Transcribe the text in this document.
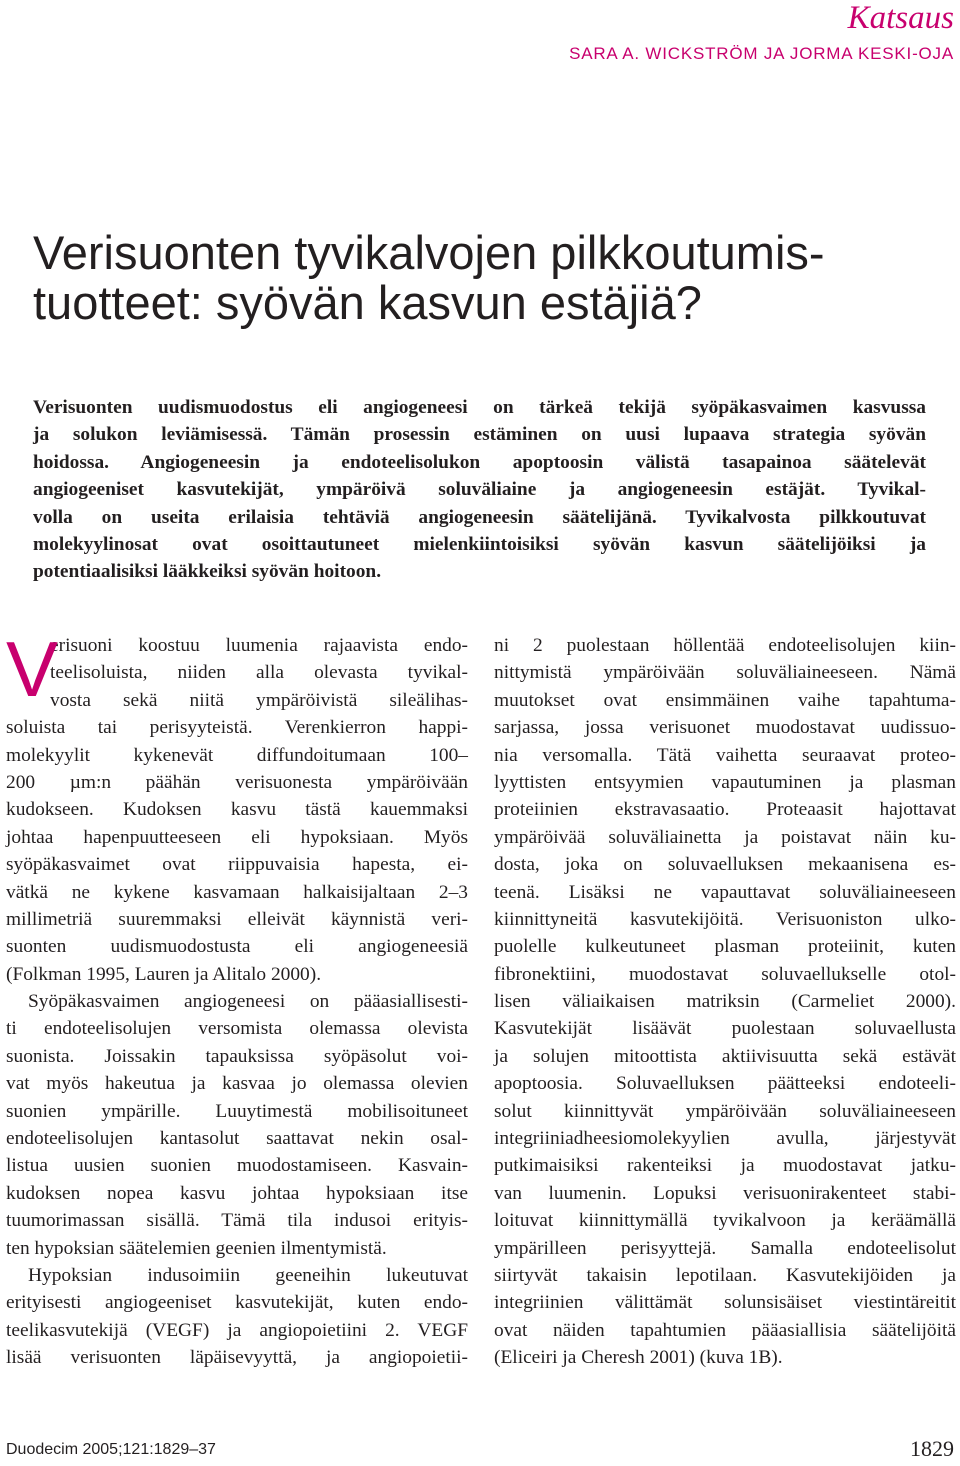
Katsaus
SARA A. WICKSTRÖM JA JORMA KESKI-OJA
Verisuonten tyvikalvojen pilkkoutumis-
tuotteet: syövän kasvun estäjiä?

Verisuonten uudismuodostus eli angiogeneesi on tärkeä tekijä syöpäkasvaimen kasvussa
ja solukon leviämisessä. Tämän prosessin estäminen on uusi lupaava strategia syövän
hoidossa. Angiogeneesin ja endoteelisolukon apoptoosin välistä tasapainoa säätelevät
angiogeeniset kasvutekijät, ympäröivä soluväliaine ja angiogeneesin estäjät. Tyvikal-
volla on useita erilaisia tehtäviä angiogeneesin säätelijänä. Tyvikalvosta pilkkoutuvat
molekyylinosat ovat osoittautuneet mielenkiintoisiksi syövän kasvun säätelijöiksi ja
potentiaalisiksi lääkkeiksi syövän hoitoon.

V
erisuoni koostuu luumenia rajaavista endo-
teelisoluista, niiden alla olevasta tyvikal-
vosta sekä niitä ympäröivistä sileälihas-
soluista tai perisyyteistä. Verenkierron happi-
molekyylit kykenevät diffundoitumaan 100–
200 µm:n päähän verisuonesta ympäröivään
kudokseen. Kudoksen kasvu tästä kauemmaksi
johtaa hapenpuutteeseen eli hypoksiaan. Myös
syöpäkasvaimet ovat riippuvaisia hapesta, ei-
vätkä ne kykene kasvamaan halkaisijaltaan 2–3
millimetriä suuremmaksi elleivät käynnistä veri-
suonten uudismuodostusta eli angiogeneesiä
(Folkman 1995, Lauren ja Alitalo 2000).
Syöpäkasvaimen angiogeneesi on pääasiallisesti-
ti endoteelisolujen versomista olemassa olevista
suonista. Joissakin tapauksissa syöpäsolut voi-
vat myös hakeutua ja kasvaa jo olemassa olevien
suonien ympärille. Luuytimestä mobilisoituneet
endoteelisolujen kantasolut saattavat nekin osal-
listua uusien suonien muodostamiseen. Kasvain-
kudoksen nopea kasvu johtaa hypoksiaan itse
tuumorimassan sisällä. Tämä tila indusoi erityis-
ten hypoksian säätelemien geenien ilmentymistä.
Hypoksian indusoimiin geeneihin lukeutuvat
erityisesti angiogeeniset kasvutekijät, kuten endo-
teelikasvutekijä (VEGF) ja angiopoietiini 2. VEGF
lisää verisuonten läpäisevyyttä, ja angiopoietii-
ni 2 puolestaan höllentää endoteelisolujen kiin-
nittymistä ympäröivään soluväliaineeseen. Nämä
muutokset ovat ensimmäinen vaihe tapahtuma-
sarjassa, jossa verisuonet muodostavat uudissuo-
nia versomalla. Tätä vaihetta seuraavat proteo-
lyyttisten entsyymien vapautuminen ja plasman
proteiinien ekstravasaatio. Proteaasit hajottavat
ympäröivää soluväliainetta ja poistavat näin ku-
dosta, joka on soluvaelluksen mekaanisena es-
teenä. Lisäksi ne vapauttavat soluväliaineeseen
kiinnittyneitä kasvutekijöitä. Verisuoniston ulko-
puolelle kulkeutuneet plasman proteiinit, kuten
fibronektiini, muodostavat soluvaellukselle otol-
lisen väliaikaisen matriksin (Carmeliet 2000).
Kasvutekijät lisäävät puolestaan soluvaellusta
ja solujen mitoottista aktiivisuutta sekä estävät
apoptoosia. Soluvaelluksen päätteeksi endoteeli-
solut kiinnittyvät ympäröivään soluväliaineeseen
integriiniadheesiomolekyylien avulla, järjestyvät
putkimaisiksi rakenteiksi ja muodostavat jatku-
van luumenin. Lopuksi verisuonirakenteet stabi-
loituvat kiinnittymällä tyvikalvoon ja keräämällä
ympärilleen perisyyttejä. Samalla endoteelisolut
siirtyvät takaisin lepotilaan. Kasvutekijöiden ja
integriinien välittämät solunsisäiset viestintäreitit
ovat näiden tapahtumien pääasiallisia säätelijöitä
(Eliceiri ja Cheresh 2001) (kuva 1B).
Duodecim 2005;121:1829–37	1829
